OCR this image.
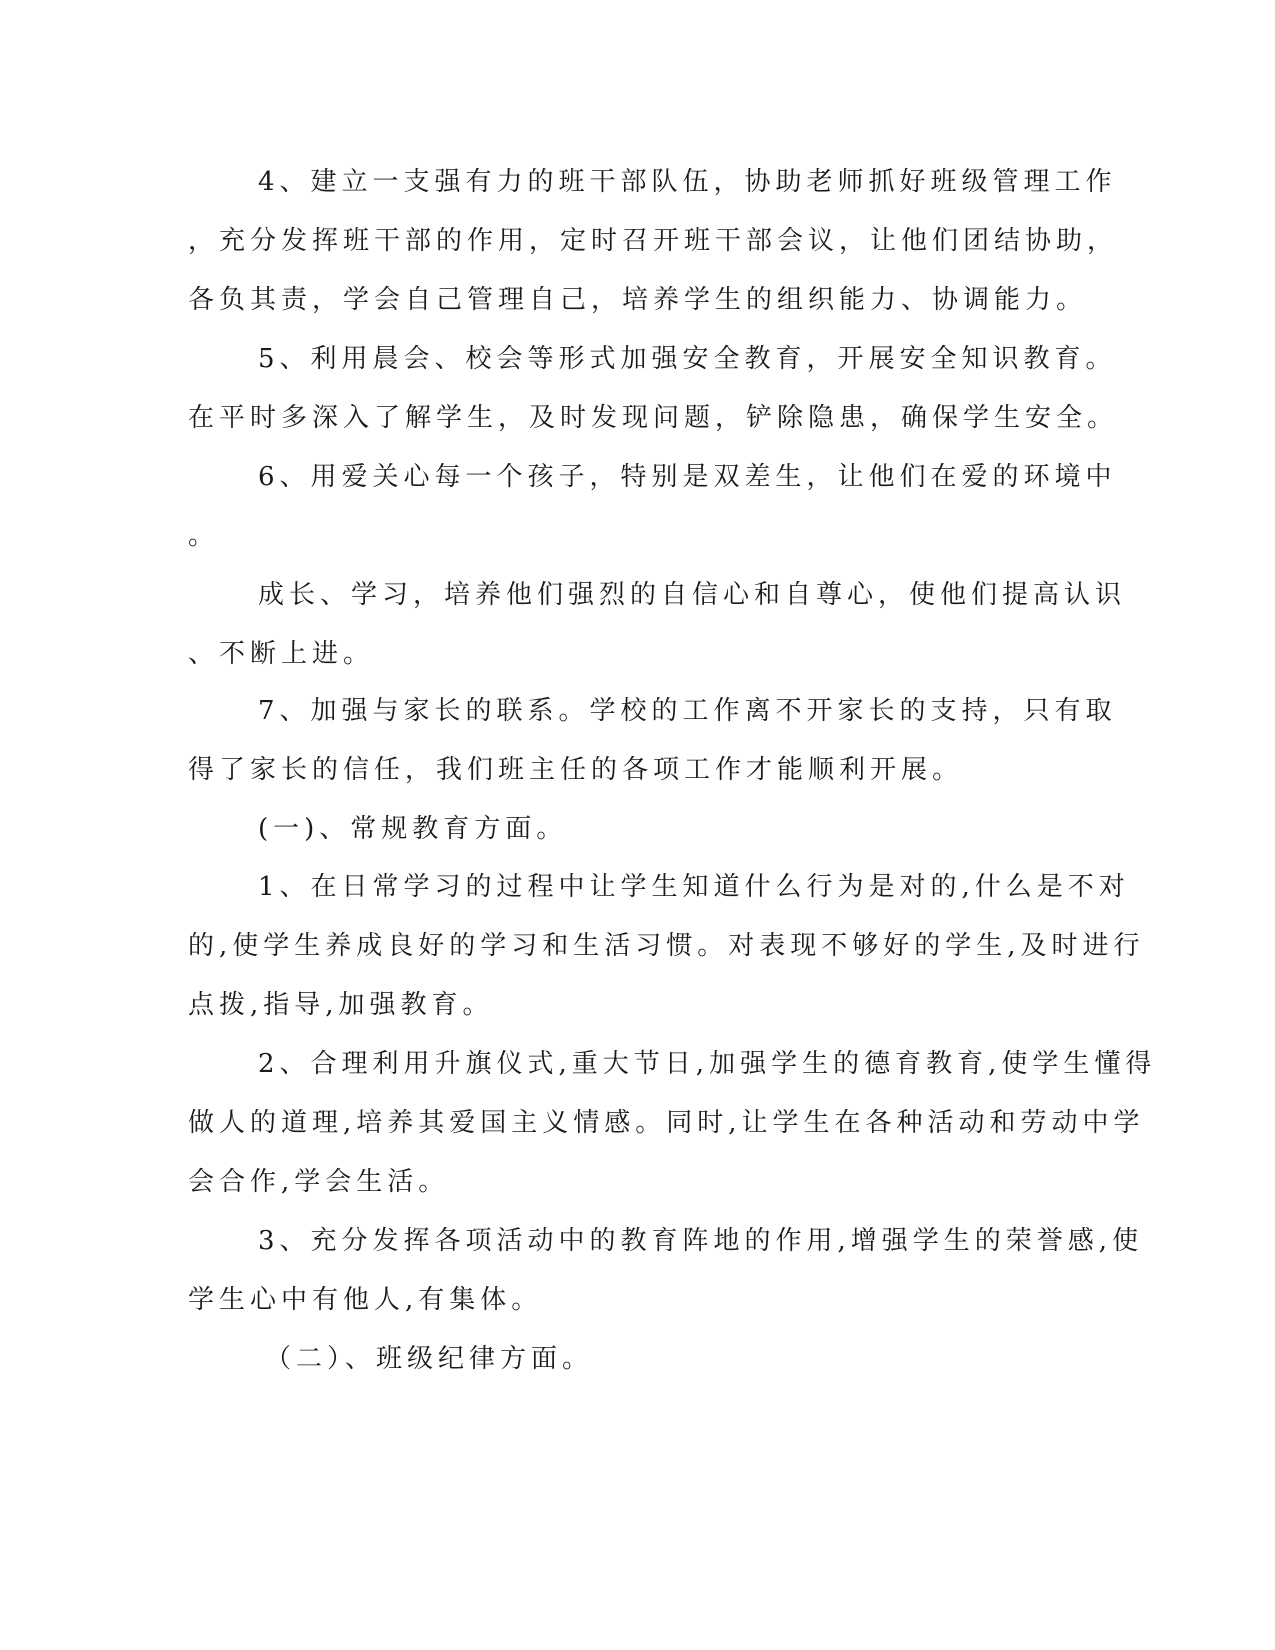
4、建立一支强有力的班干部队伍，协助老师抓好班级管理工作

，充分发挥班干部的作用，定时召开班干部会议，让他们团结协助，

各负其责，学会自己管理自己，培养学生的组织能力、协调能力。

5、利用晨会、校会等形式加强安全教育，开展安全知识教育。

在平时多深入了解学生，及时发现问题，铲除隐患，确保学生安全。

6、用爱关心每一个孩子，特别是双差生，让他们在爱的环境中

。

成长、学习，培养他们强烈的自信心和自尊心，使他们提高认识

、不断上进。

7、加强与家长的联系。学校的工作离不开家长的支持，只有取

得了家长的信任，我们班主任的各项工作才能顺利开展。

(一)、常规教育方面。

1、在日常学习的过程中让学生知道什么行为是对的,什么是不对

的,使学生养成良好的学习和生活习惯。对表现不够好的学生,及时进行

点拨,指导,加强教育。

2、合理利用升旗仪式,重大节日,加强学生的德育教育,使学生懂得

做人的道理,培养其爱国主义情感。同时,让学生在各种活动和劳动中学

会合作,学会生活。

3、充分发挥各项活动中的教育阵地的作用,增强学生的荣誉感,使

学生心中有他人,有集体。

（二）、班级纪律方面。
